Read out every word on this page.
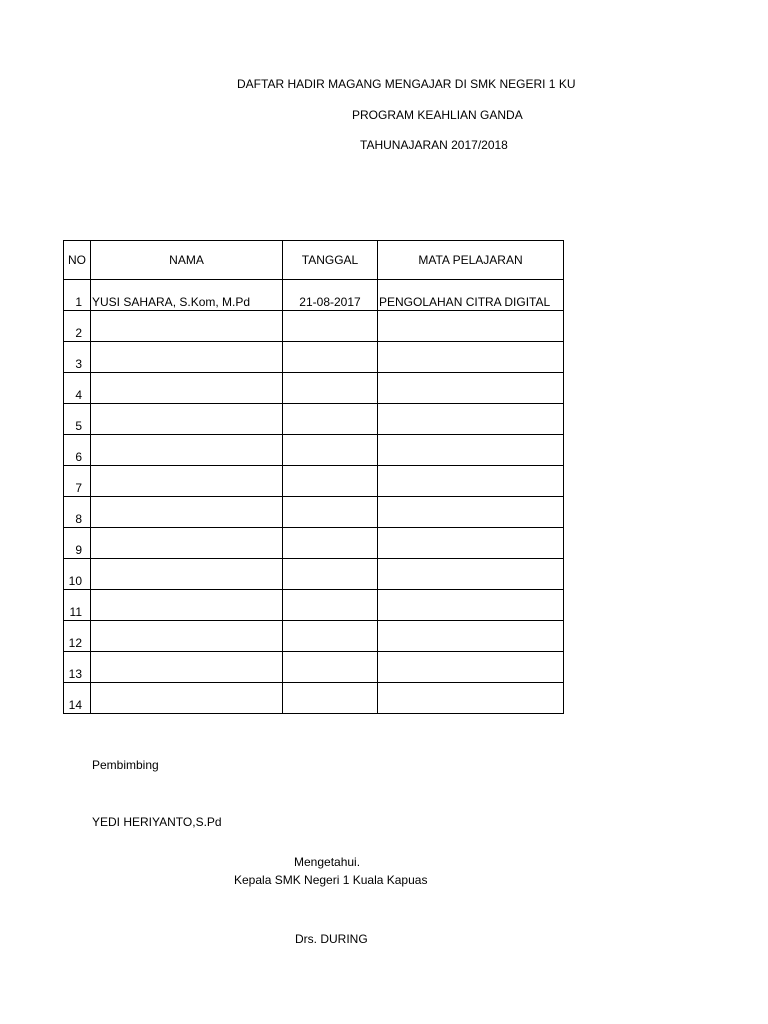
DAFTAR HADIR MAGANG MENGAJAR DI SMK NEGERI 1 KU
PROGRAM KEAHLIAN GANDA
TAHUNAJARAN 2017/2018
NO	NAMA	TANGGAL	MATA PELAJARAN
1	YUSI SAHARA, S.Kom, M.Pd	21-08-2017	PENGOLAHAN CITRA DIGITAL
2			
3			
4			
5			
6			
7			
8			
9			
10			
11			
12			
13			
14			
Pembimbing
YEDI HERIYANTO,S.Pd
Mengetahui.
Kepala SMK Negeri 1 Kuala Kapuas
Drs. DURING
